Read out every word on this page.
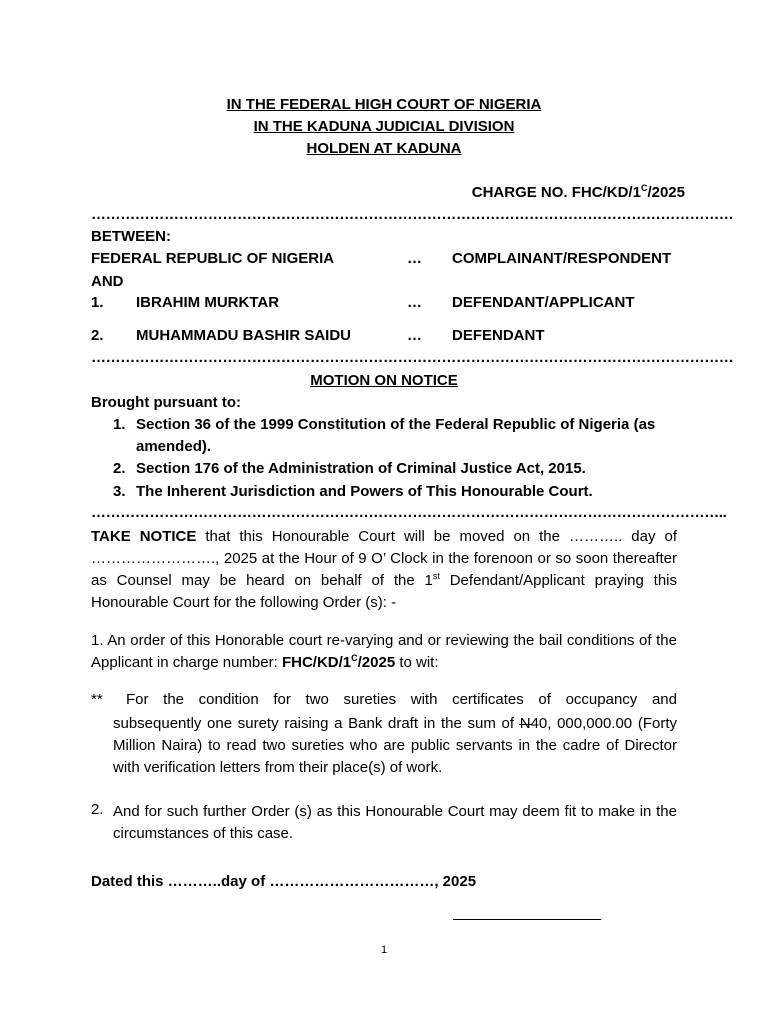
IN THE FEDERAL HIGH COURT OF NIGERIA
IN THE KADUNA JUDICIAL DIVISION
HOLDEN AT KADUNA
CHARGE NO. FHC/$KD/1^C/2025$
……………………………………………………………………………………………………………………
BETWEEN:
FEDERAL REPUBLIC OF NIGERIA	… COMPLAINANT/RESPONDENT
AND
1. IBRAHIM MURKTAR	… DEFENDANT/APPLICANT
2. MUHAMMADU BASHIR SAIDU	… DEFENDANT
……………………………………………………………………………………………………………………
MOTION ON NOTICE
Brought pursuant to:
1. Section 36 of the 1999 Constitution of the Federal Republic of Nigeria (as
amended).
2. Section 176 of the Administration of Criminal Justice Act, 2015.
3. The Inherent Jurisdiction and Powers of This Honourable Court.
…………………………………………………………………………………………………………………..
TAKE NOTICE that this Honourable Court will be moved on the ……….. day of ……………………., 2025 at the Hour of 9 O’ Clock in the forenoon or so soon thereafter as Counsel may be heard on behalf of the 1st Defendant/Applicant praying this Honourable Court for the following Order (s): -
1. An order of this Honorable court re-varying and or reviewing the bail conditions of the Applicant in charge number: FHC/$KD/1^C/2025$ to wit:
** For the condition for two sureties with certificates of occupancy and
subsequently one surety raising a Bank draft in the sum of N40, 000,000.00 (Forty Million Naira) to read two sureties who are public servants in the cadre of Director with verification letters from their place(s) of work.
2. And for such further Order (s) as this Honourable Court may deem fit to make in the circumstances of this case.
Dated this ………..day of ……………………………, 2025
1
